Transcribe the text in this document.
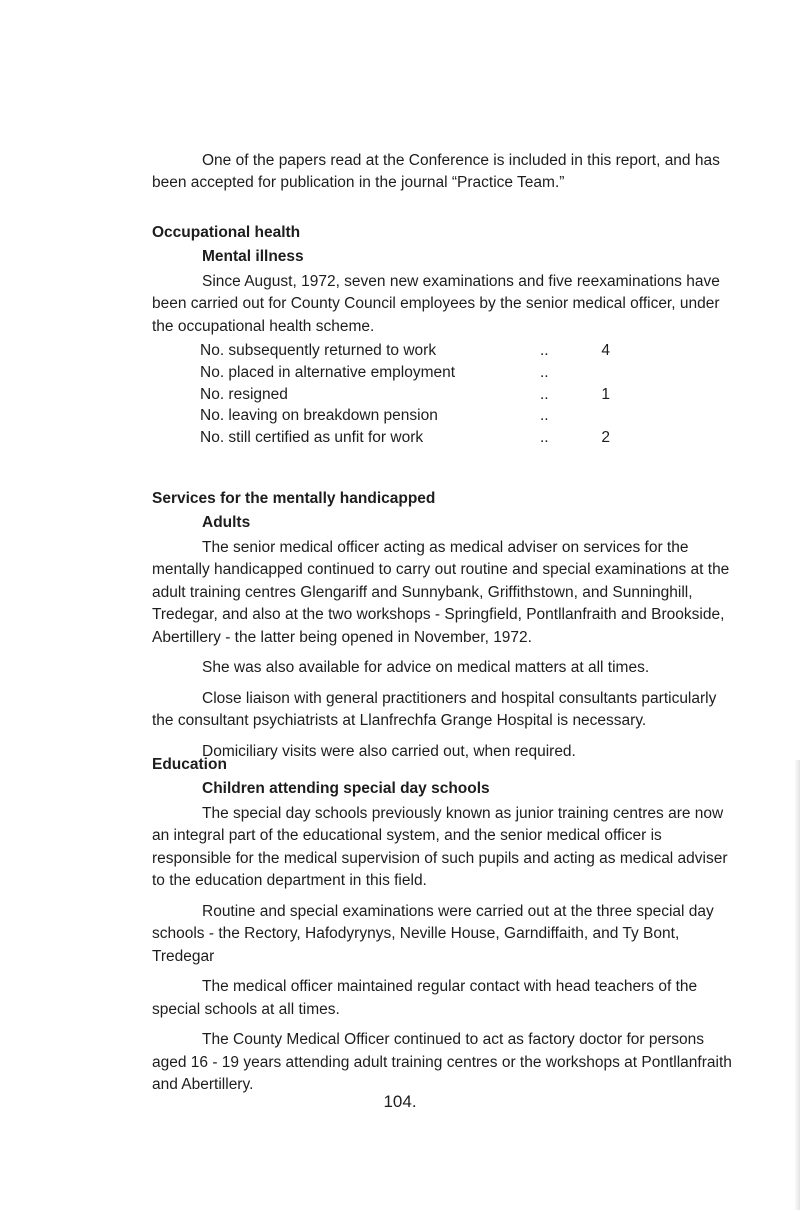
One of the papers read at the Conference is included in this report, and has been accepted for publication in the journal “Practice Team.”

Occupational health
Mental illness

Since August, 1972, seven new examinations and five reexaminations have been carried out for County Council employees by the senior medical officer, under the occupational health scheme.

No. subsequently returned to work	..	4
No. placed in alternative employment	..	
No. resigned	..	1
No. leaving on breakdown pension	..	
No. still certified as unfit for work	..	2
Services for the mentally handicapped
Adults

The senior medical officer acting as medical adviser on services for the mentally handicapped continued to carry out routine and special examinations at the adult training centres Glengariff and Sunnybank, Griffithstown, and Sunninghill, Tredegar, and also at the two workshops - Springfield, Pontllanfraith and Brookside, Abertillery - the latter being opened in November, 1972.

She was also available for advice on medical matters at all times.

Close liaison with general practitioners and hospital consultants particularly the consultant psychiatrists at Llanfrechfa Grange Hospital is necessary.

Domiciliary visits were also carried out, when required.

Education
Children attending special day schools

The special day schools previously known as junior training centres are now an integral part of the educational system, and the senior medical officer is responsible for the medical supervision of such pupils and acting as medical adviser to the education department in this field.

Routine and special examinations were carried out at the three special day schools - the Rectory, Hafodyrynys, Neville House, Garndiffaith, and Ty Bont, Tredegar

The medical officer maintained regular contact with head teachers of the special schools at all times.

The County Medical Officer continued to act as factory doctor for persons aged 16 - 19 years attending adult training centres or the workshops at Pontllanfraith and Abertillery.

104.
